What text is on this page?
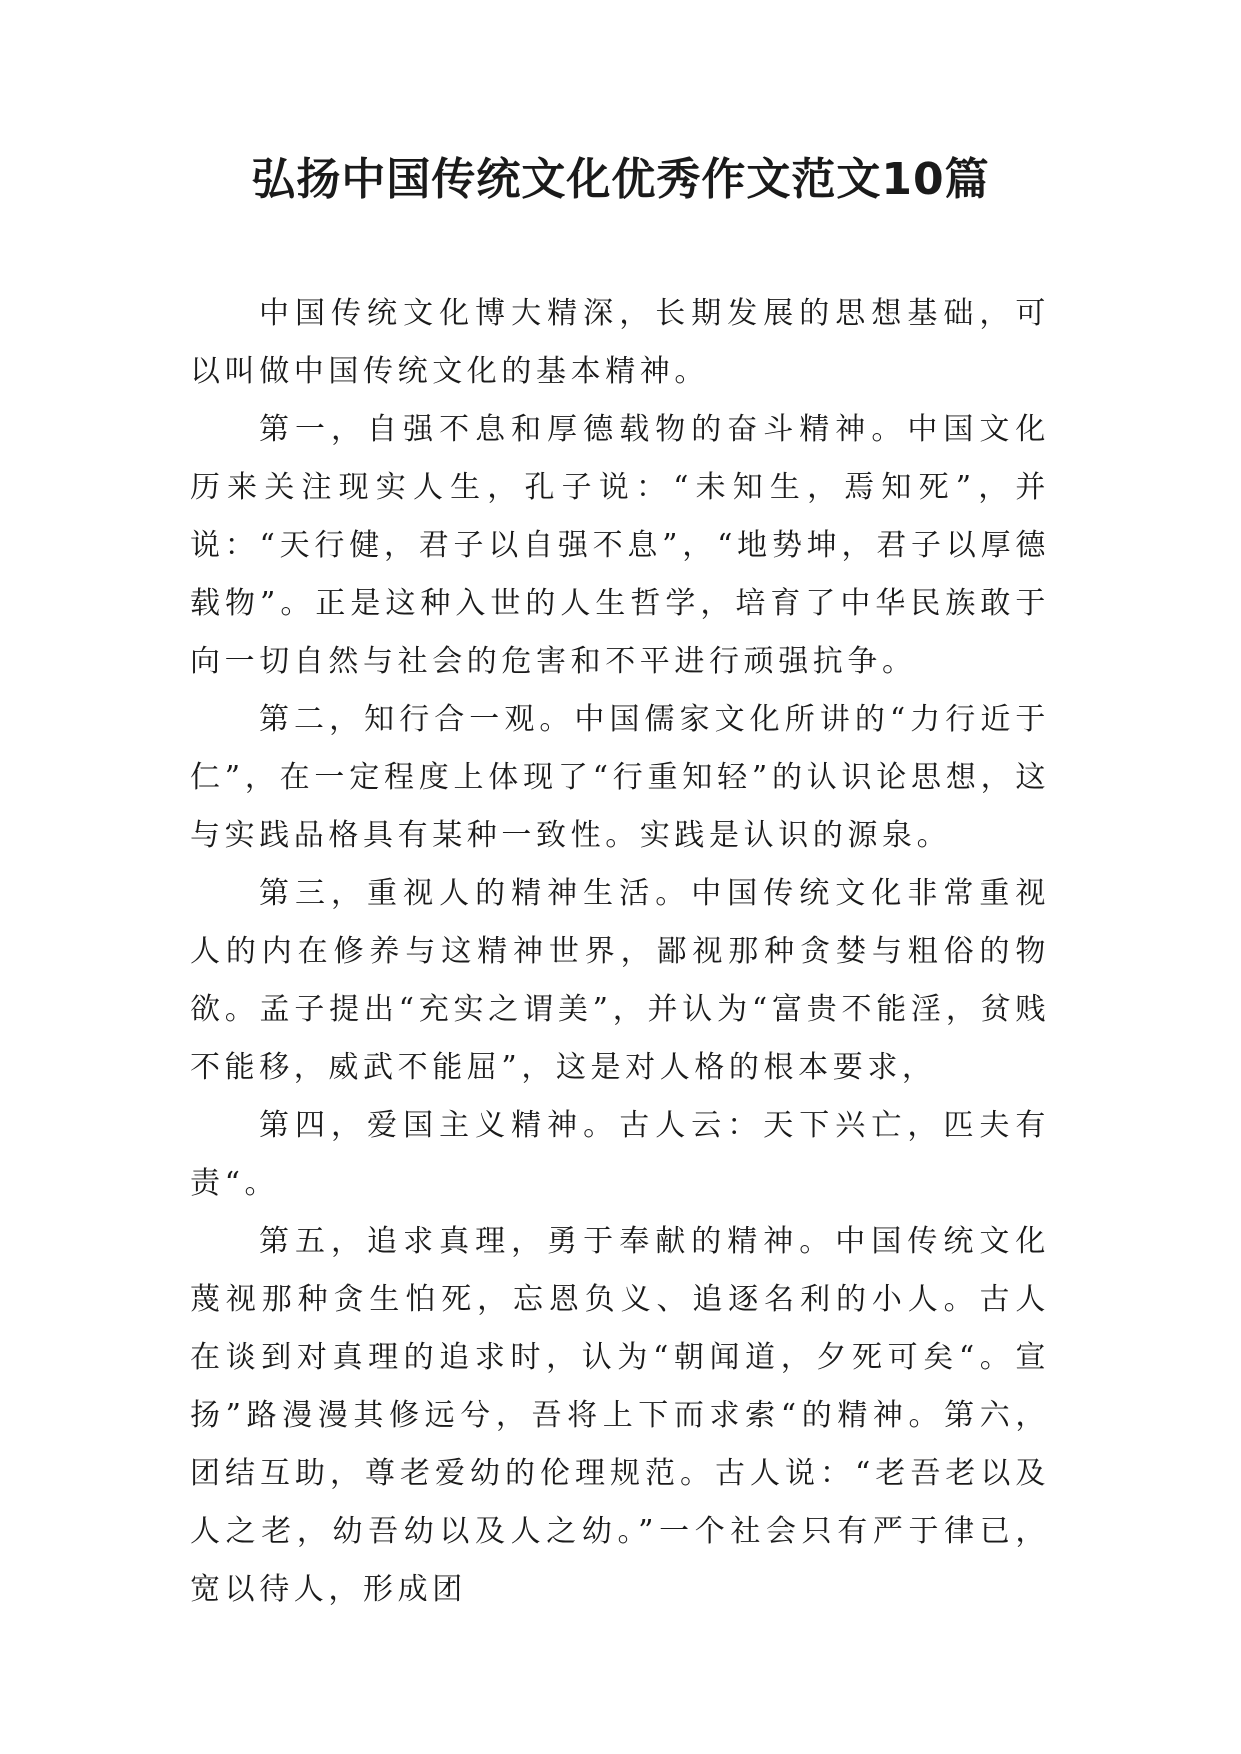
弘扬中国传统文化优秀作文范文10篇

中国传统文化博大精深，长期发展的思想基础，可以叫做中国传统文化的基本精神。

第一，自强不息和厚德载物的奋斗精神。中国文化历来关注现实人生，孔子说：“未知生，焉知死”，并说：“天行健，君子以自强不息”，“地势坤，君子以厚德载物”。正是这种入世的人生哲学，培育了中华民族敢于向一切自然与社会的危害和不平进行顽强抗争。

第二，知行合一观。中国儒家文化所讲的“力行近于仁”，在一定程度上体现了“行重知轻”的认识论思想，这与实践品格具有某种一致性。实践是认识的源泉。

第三，重视人的精神生活。中国传统文化非常重视人的内在修养与这精神世界，鄙视那种贪婪与粗俗的物欲。孟子提出“充实之谓美”，并认为“富贵不能淫，贫贱不能移，威武不能屈”，这是对人格的根本要求，

第四，爱国主义精神。古人云：天下兴亡，匹夫有责“。

第五，追求真理，勇于奉献的精神。中国传统文化蔑视那种贪生怕死，忘恩负义、追逐名利的小人。古人在谈到对真理的追求时，认为“朝闻道，夕死可矣“。宣扬”路漫漫其修远兮，吾将上下而求索“的精神。第六，团结互助，尊老爱幼的伦理规范。古人说：“老吾老以及人之老，幼吾幼以及人之幼。”一个社会只有严于律已，宽以待人，形成团
